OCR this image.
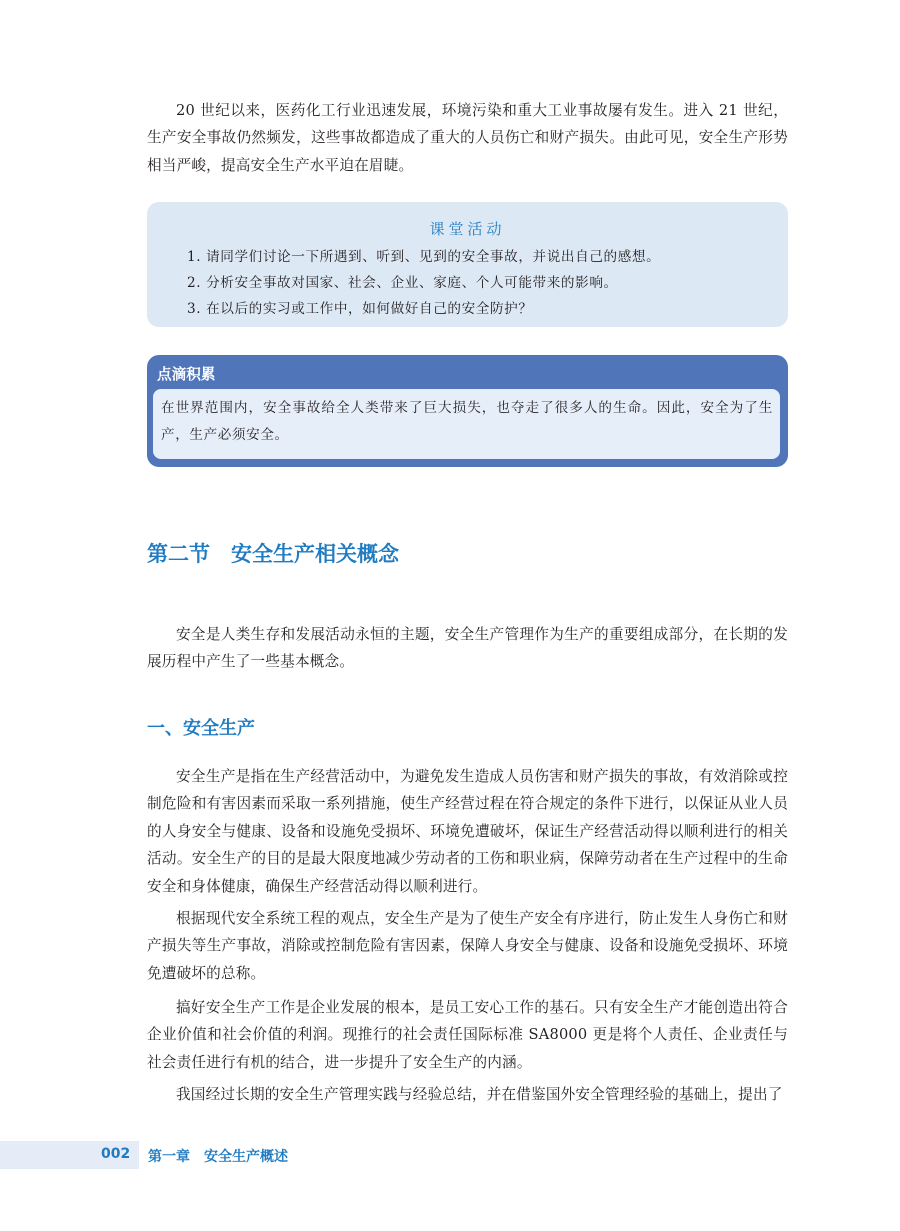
20 世纪以来，医药化工行业迅速发展，环境污染和重大工业事故屡有发生。进入 21 世纪，生产安全事故仍然频发，这些事故都造成了重大的人员伤亡和财产损失。由此可见，安全生产形势相当严峻，提高安全生产水平迫在眉睫。

课堂活动
1. 请同学们讨论一下所遇到、听到、见到的安全事故，并说出自己的感想。
2. 分析安全事故对国家、社会、企业、家庭、个人可能带来的影响。
3. 在以后的实习或工作中，如何做好自己的安全防护？
点滴积累

在世界范围内，安全事故给全人类带来了巨大损失，也夺走了很多人的生命。因此，安全为了生产，生产必须安全。

第二节　安全生产相关概念

安全是人类生存和发展活动永恒的主题，安全生产管理作为生产的重要组成部分，在长期的发展历程中产生了一些基本概念。

一、安全生产

安全生产是指在生产经营活动中，为避免发生造成人员伤害和财产损失的事故，有效消除或控制危险和有害因素而采取一系列措施，使生产经营过程在符合规定的条件下进行，以保证从业人员的人身安全与健康、设备和设施免受损坏、环境免遭破坏，保证生产经营活动得以顺利进行的相关活动。安全生产的目的是最大限度地减少劳动者的工伤和职业病，保障劳动者在生产过程中的生命安全和身体健康，确保生产经营活动得以顺利进行。

根据现代安全系统工程的观点，安全生产是为了使生产安全有序进行，防止发生人身伤亡和财产损失等生产事故，消除或控制危险有害因素，保障人身安全与健康、设备和设施免受损坏、环境免遭破坏的总称。

搞好安全生产工作是企业发展的根本，是员工安心工作的基石。只有安全生产才能创造出符合企业价值和社会价值的利润。现推行的社会责任国际标准 SA8000 更是将个人责任、企业责任与社会责任进行有机的结合，进一步提升了安全生产的内涵。

我国经过长期的安全生产管理实践与经验总结，并在借鉴国外安全管理经验的基础上，提出了

002 第一章　安全生产概述
